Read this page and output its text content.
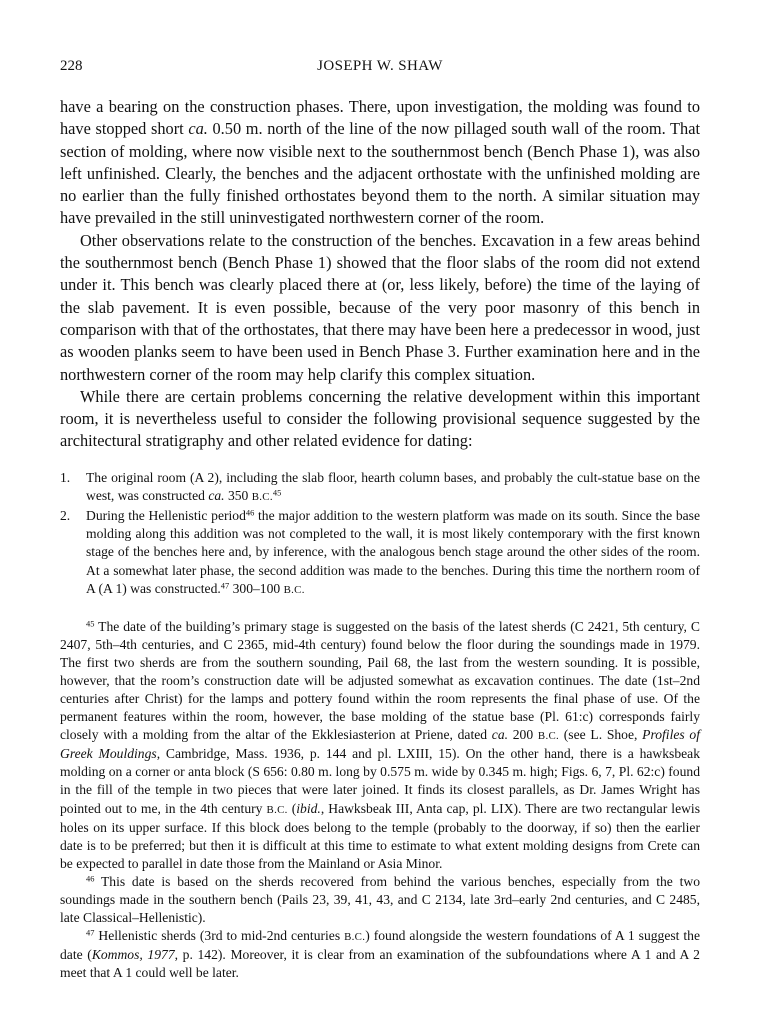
228	JOSEPH W. SHAW

have a bearing on the construction phases. There, upon investigation, the molding was found to have stopped short ca. 0.50 m. north of the line of the now pillaged south wall of the room. That section of molding, where now visible next to the southernmost bench (Bench Phase 1), was also left unfinished. Clearly, the benches and the adjacent orthostate with the unfinished molding are no earlier than the fully finished orthostates beyond them to the north. A similar situation may have prevailed in the still uninvestigated northwestern corner of the room.

Other observations relate to the construction of the benches. Excavation in a few areas behind the southernmost bench (Bench Phase 1) showed that the floor slabs of the room did not extend under it. This bench was clearly placed there at (or, less likely, before) the time of the laying of the slab pavement. It is even possible, because of the very poor masonry of this bench in comparison with that of the orthostates, that there may have been here a predecessor in wood, just as wooden planks seem to have been used in Bench Phase 3. Further examination here and in the northwestern corner of the room may help clarify this complex situation.

While there are certain problems concerning the relative development within this important room, it is nevertheless useful to consider the following provisional sequence suggested by the architectural stratigraphy and other related evidence for dating:

1. The original room (A 2), including the slab floor, hearth column bases, and probably the cult-statue base on the west, was constructed ca. 350 B.C.$^{45}$
2. During the Hellenistic period$^{46}$ the major addition to the western platform was made on its south. Since the base molding along this addition was not completed to the wall, it is most likely contemporary with the first known stage of the benches here and, by inference, with the analogous bench stage around the other sides of the room. At a somewhat later phase, the second addition was made to the benches. During this time the northern room of A (A 1) was constructed.$^{47}$ 300–100 B.C.

$^{45}$ The date of the building’s primary stage is suggested on the basis of the latest sherds (C 2421, 5th century, C 2407, 5th–4th centuries, and C 2365, mid-4th century) found below the floor during the soundings made in 1979. The first two sherds are from the southern sounding, Pail 68, the last from the western sounding. It is possible, however, that the room’s construction date will be adjusted somewhat as excavation continues. The date (1st–2nd centuries after Christ) for the lamps and pottery found within the room represents the final phase of use. Of the permanent features within the room, however, the base molding of the statue base (Pl. 61:c) corresponds fairly closely with a molding from the altar of the Ekklesiasterion at Priene, dated ca. 200 B.C. (see L. Shoe, Profiles of Greek Mouldings, Cambridge, Mass. 1936, p. 144 and pl. LXIII, 15). On the other hand, there is a hawksbeak molding on a corner or anta block (S 656: 0.80 m. long by 0.575 m. wide by 0.345 m. high; Figs. 6, 7, Pl. 62:c) found in the fill of the temple in two pieces that were later joined. It finds its closest parallels, as Dr. James Wright has pointed out to me, in the 4th century B.C. (ibid., Hawksbeak III, Anta cap, pl. LIX). There are two rectangular lewis holes on its upper surface. If this block does belong to the temple (probably to the doorway, if so) then the earlier date is to be preferred; but then it is difficult at this time to estimate to what extent molding designs from Crete can be expected to parallel in date those from the Mainland or Asia Minor.

$^{46}$ This date is based on the sherds recovered from behind the various benches, especially from the two soundings made in the southern bench (Pails 23, 39, 41, 43, and C 2134, late 3rd–early 2nd centuries, and C 2485, late Classical–Hellenistic).

$^{47}$ Hellenistic sherds (3rd to mid-2nd centuries B.C.) found alongside the western foundations of A 1 suggest the date (Kommos, 1977, p. 142). Moreover, it is clear from an examination of the subfoundations where A 1 and A 2 meet that A 1 could well be later.
